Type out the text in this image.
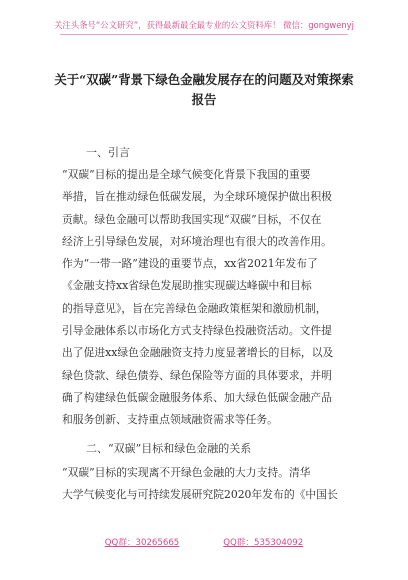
关注头条号“公文研究”，获得最新最全最专业的公文资料库！ 微信：gongwenyj
关于“双碳”背景下绿色金融发展存在的问题及对策探索
报告
一、引言
“双碳”目标的提出是全球气候变化背景下我国的重要
举措，旨在推动绿色低碳发展，为全球环境保护做出积极
贡献。绿色金融可以帮助我国实现“双碳”目标，不仅在
经济上引导绿色发展，对环境治理也有很大的改善作用。
作为“一带一路”建设的重要节点，xx省2021年发布了
《金融支持xx省绿色发展助推实现碳达峰碳中和目标
的指导意见》，旨在完善绿色金融政策框架和激励机制，
引导金融体系以市场化方式支持绿色投融资活动。文件提
出了促进xx绿色金融融资支持力度显著增长的目标，以及
绿色贷款、绿色债券、绿色保险等方面的具体要求，并明
确了构建绿色低碳金融服务体系、加大绿色低碳金融产品
和服务创新、支持重点领域融资需求等任务。
二、“双碳”目标和绿色金融的关系
“双碳”目标的实现离不开绿色金融的大力支持。清华
大学气候变化与可持续发展研究院2020年发布的《中国长
QQ群：30265665	QQ群：535304092
